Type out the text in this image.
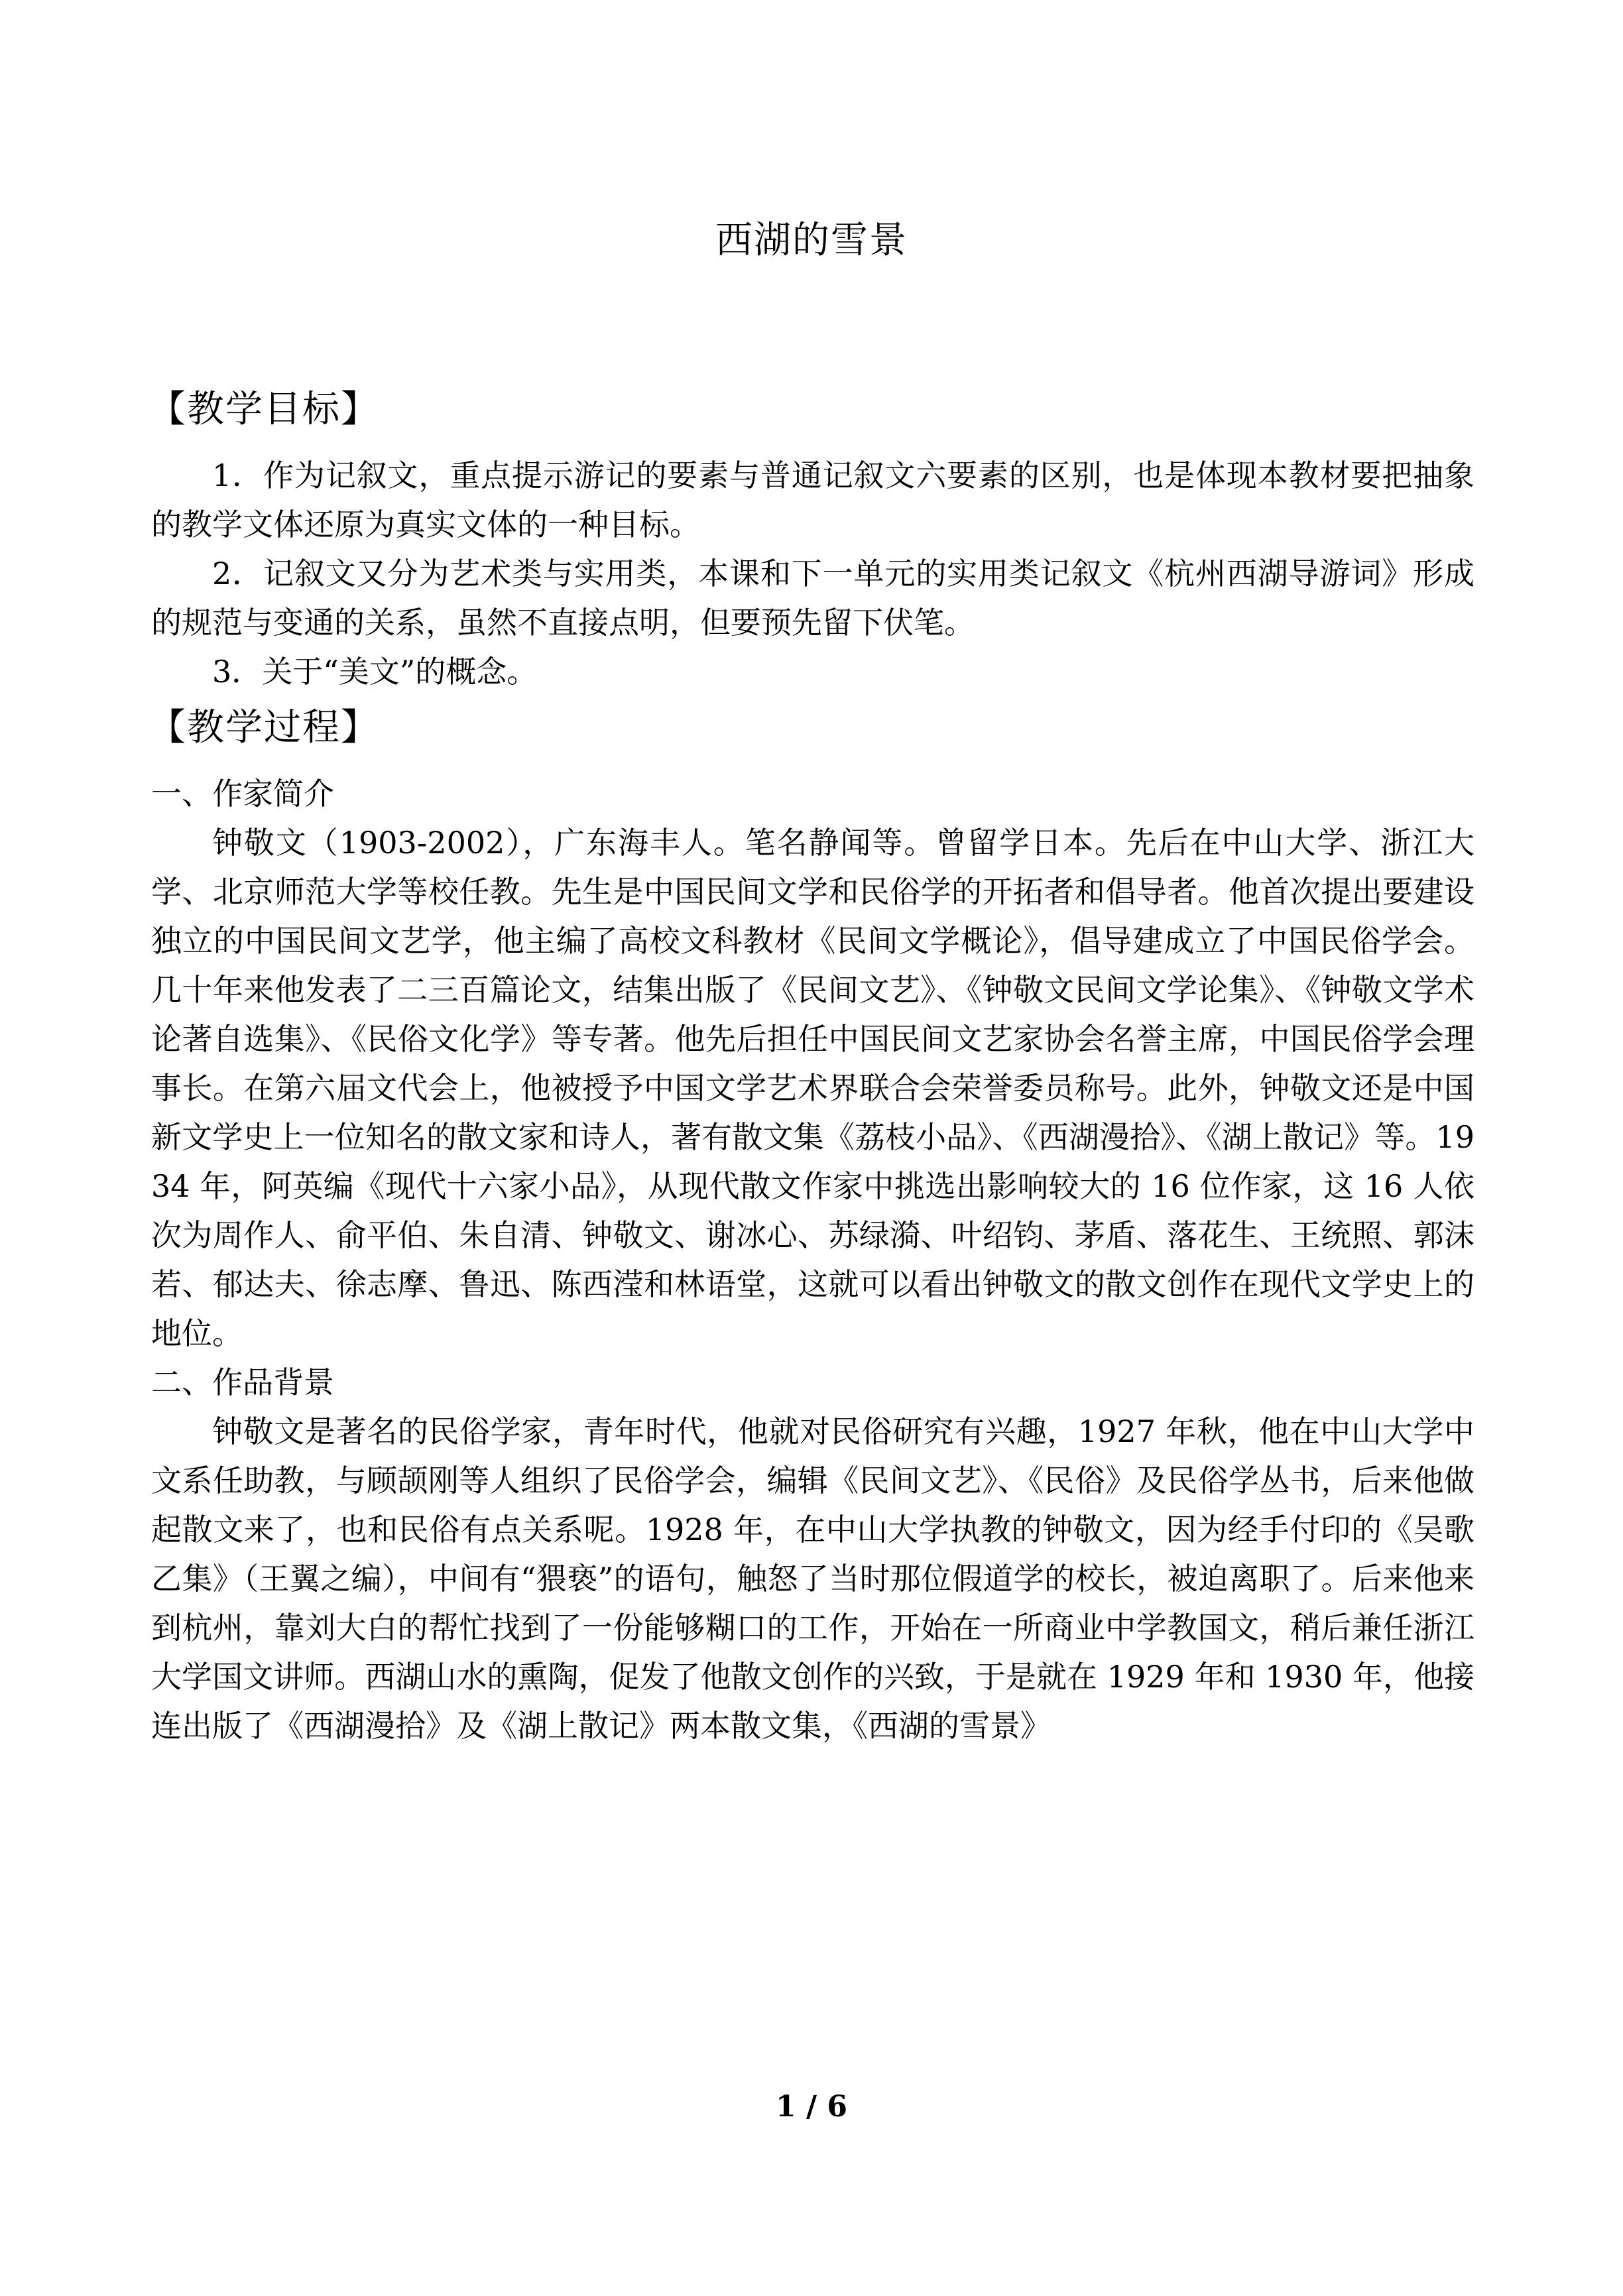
西湖的雪景
【教学目标】

1．作为记叙文，重点提示游记的要素与普通记叙文六要素的区别，也是体现本教材要把抽象的教学文体还原为真实文体的一种目标。

2．记叙文又分为艺术类与实用类，本课和下一单元的实用类记叙文《杭州西湖导游词》形成的规范与变通的关系，虽然不直接点明，但要预先留下伏笔。

3．关于“美文”的概念。

【教学过程】
一、作家简介

钟敬文（1903-2002），广东海丰人。笔名静闻等。曾留学日本。先后在中山大学、浙江大学、北京师范大学等校任教。先生是中国民间文学和民俗学的开拓者和倡导者。他首次提出要建设独立的中国民间文艺学，他主编了高校文科教材《民间文学概论》，倡导建成立了中国民俗学会。几十年来他发表了二三百篇论文，结集出版了《民间文艺》、《钟敬文民间文学论集》、《钟敬文学术论著自选集》、《民俗文化学》等专著。他先后担任中国民间文艺家协会名誉主席，中国民俗学会理事长。在第六届文代会上，他被授予中国文学艺术界联合会荣誉委员称号。此外，钟敬文还是中国新文学史上一位知名的散文家和诗人，著有散文集《荔枝小品》、《西湖漫拾》、《湖上散记》等。1934 年，阿英编《现代十六家小品》，从现代散文作家中挑选出影响较大的 16 位作家，这 16 人依次为周作人、俞平伯、朱自清、钟敬文、谢冰心、苏绿漪、叶绍钧、茅盾、落花生、王统照、郭沫若、郁达夫、徐志摩、鲁迅、陈西滢和林语堂，这就可以看出钟敬文的散文创作在现代文学史上的地位。

二、作品背景

钟敬文是著名的民俗学家，青年时代，他就对民俗研究有兴趣，1927 年秋，他在中山大学中文系任助教，与顾颉刚等人组织了民俗学会，编辑《民间文艺》、《民俗》及民俗学丛书，后来他做起散文来了，也和民俗有点关系呢。1928 年，在中山大学执教的钟敬文，因为经手付印的《吴歌乙集》（王翼之编），中间有“猥亵”的语句，触怒了当时那位假道学的校长，被迫离职了。后来他来到杭州，靠刘大白的帮忙找到了一份能够糊口的工作，开始在一所商业中学教国文，稍后兼任浙江大学国文讲师。西湖山水的熏陶，促发了他散文创作的兴致，于是就在 1929 年和 1930 年，他接连出版了《西湖漫拾》及《湖上散记》两本散文集，《西湖的雪景》

1 / 6
